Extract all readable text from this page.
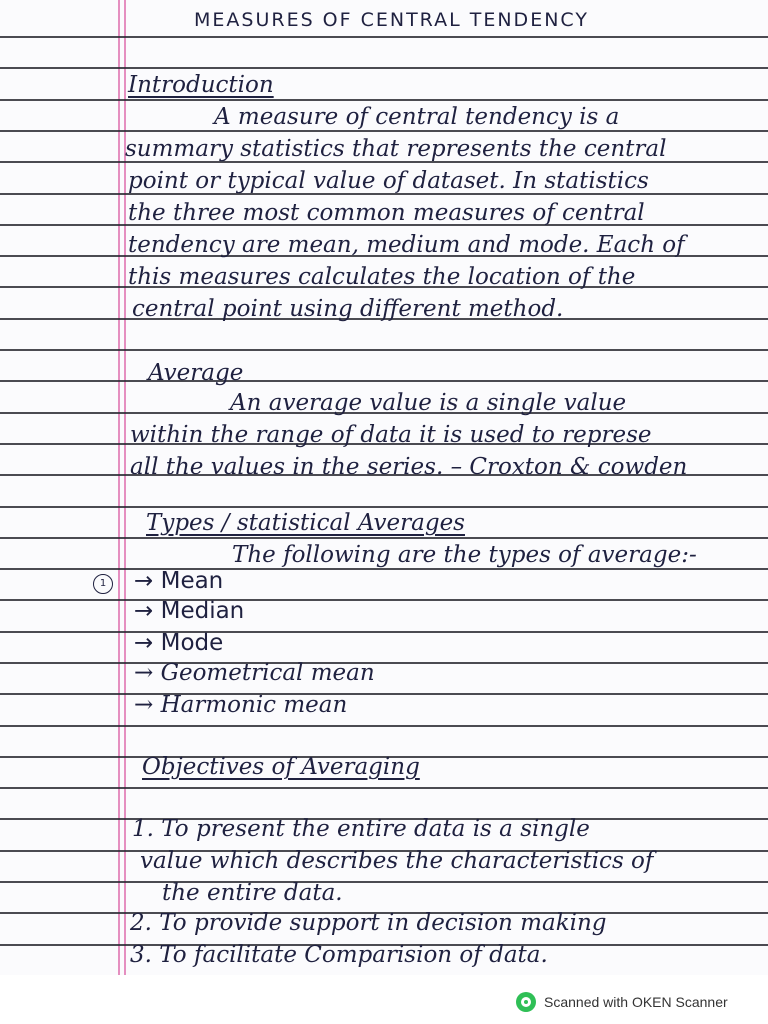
MEASURES OF CENTRAL TENDENCY

Introduction

A measure of central tendency is a

summary statistics that represents the central

point or typical value of dataset. In statistics

the three most common measures of central

tendency are mean, medium and mode. Each of

this measures calculates the location of the

central point using different method.

Average

An average value is a single value

within the range of data it is used to represe

all the values in the series. – Croxton & cowden

Types / statistical Averages

The following are the types of average:-

1 → Mean

→ Median

→ Mode

→ Geometrical mean

→ Harmonic mean

Objectives of Averaging

1. To present the entire data is a single

value which describes the characteristics of

the entire data.

2. To provide support in decision making

3. To facilitate Comparision of data.

Scanned with OKEN Scanner
